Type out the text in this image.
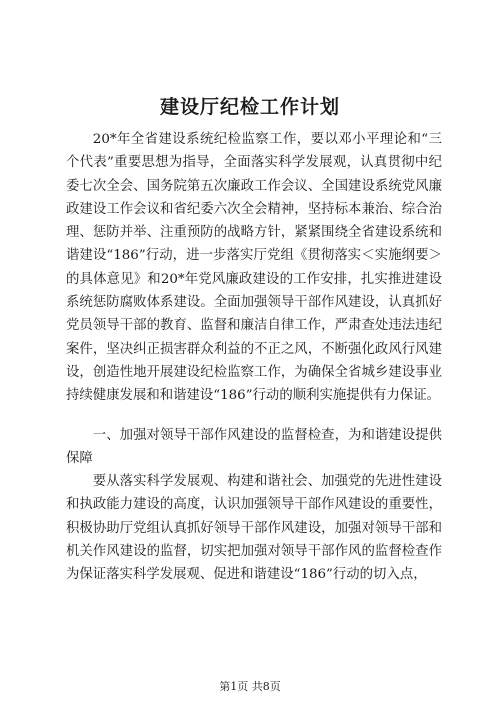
建设厅纪检工作计划

20*年全省建设系统纪检监察工作，要以邓小平理论和“三个代表”重要思想为指导，全面落实科学发展观，认真贯彻中纪委七次全会、国务院第五次廉政工作会议、全国建设系统党风廉政建设工作会议和省纪委六次全会精神，坚持标本兼治、综合治理、惩防并举、注重预防的战略方针，紧紧围绕全省建设系统和谐建设“186”行动，进一步落实厅党组《贯彻落实＜实施纲要＞的具体意见》和20*年党风廉政建设的工作安排，扎实推进建设系统惩防腐败体系建设。全面加强领导干部作风建设，认真抓好党员领导干部的教育、监督和廉洁自律工作，严肃查处违法违纪案件，坚决纠正损害群众利益的不正之风，不断强化政风行风建设，创造性地开展建设纪检监察工作，为确保全省城乡建设事业持续健康发展和和谐建设“186”行动的顺利实施提供有力保证。

一、加强对领导干部作风建设的监督检查，为和谐建设提供保障

要从落实科学发展观、构建和谐社会、加强党的先进性建设和执政能力建设的高度，认识加强领导干部作风建设的重要性，积极协助厅党组认真抓好领导干部作风建设，加强对领导干部和机关作风建设的监督，切实把加强对领导干部作风的监督检查作为保证落实科学发展观、促进和谐建设“186”行动的切入点，

第1页 共8页
